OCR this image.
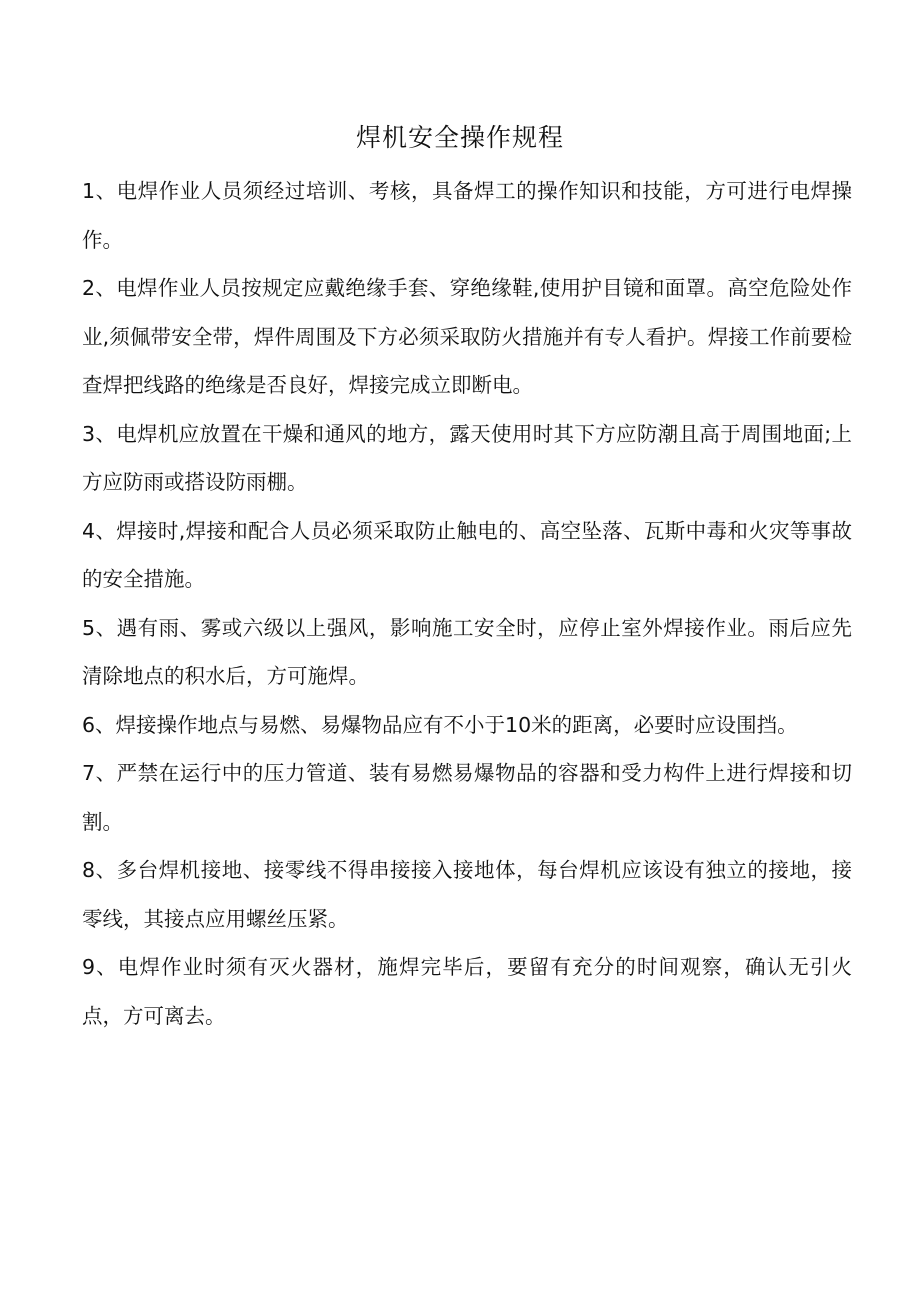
焊机安全操作规程
1、电焊作业人员须经过培训、考核，具备焊工的操作知识和技能，方可进行电焊操作。
2、电焊作业人员按规定应戴绝缘手套、穿绝缘鞋,使用护目镜和面罩。高空危险处作业,须佩带安全带，焊件周围及下方必须采取防火措施并有专人看护。焊接工作前要检查焊把线路的绝缘是否良好，焊接完成立即断电。
3、电焊机应放置在干燥和通风的地方，露天使用时其下方应防潮且高于周围地面;上方应防雨或搭设防雨棚。
4、焊接时,焊接和配合人员必须采取防止触电的、高空坠落、瓦斯中毒和火灾等事故的安全措施。
5、遇有雨、雾或六级以上强风，影响施工安全时，应停止室外焊接作业。雨后应先清除地点的积水后，方可施焊。
6、焊接操作地点与易燃、易爆物品应有不小于10米的距离，必要时应设围挡。
7、严禁在运行中的压力管道、装有易燃易爆物品的容器和受力构件上进行焊接和切割。
8、多台焊机接地、接零线不得串接接入接地体，每台焊机应该设有独立的接地，接零线，其接点应用螺丝压紧。
9、电焊作业时须有灭火器材，施焊完毕后，要留有充分的时间观察，确认无引火点，方可离去。
